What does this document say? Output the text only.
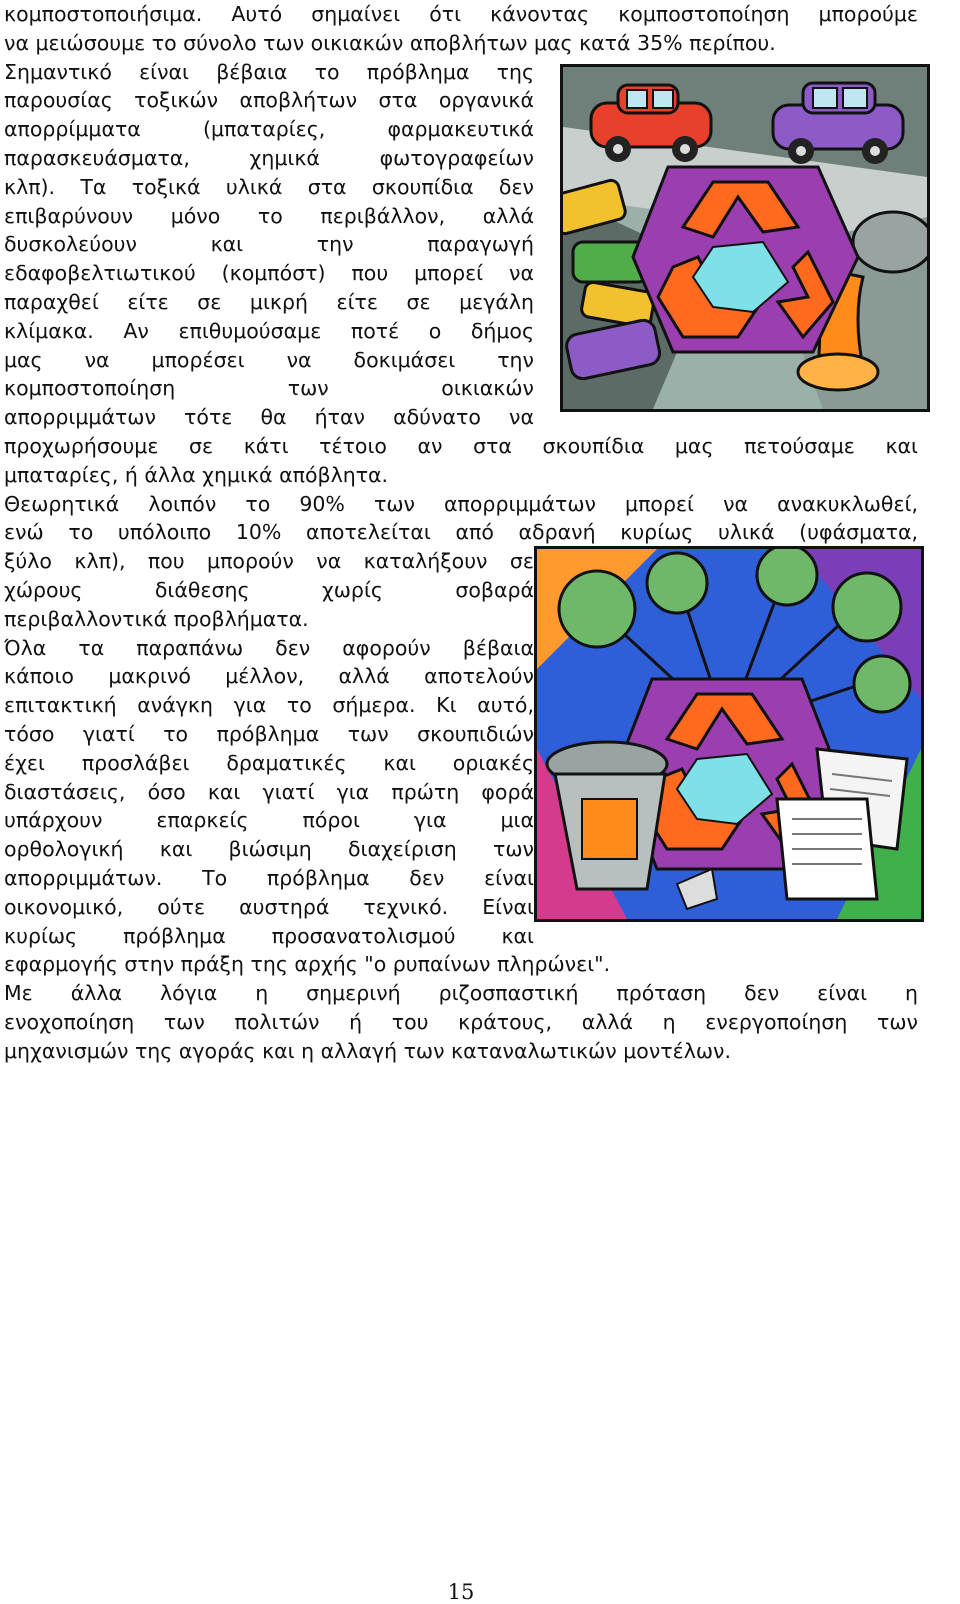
κομποστοποιήσιμα. Αυτό σημαίνει ότι κάνοντας κομποστοποίηση μπορούμε
να μειώσουμε το σύνολο των οικιακών αποβλήτων μας κατά 35% περίπου.
Σημαντικό είναι βέβαια το πρόβλημα της
παρουσίας τοξικών αποβλήτων στα οργανικά
απορρίμματα (μπαταρίες, φαρμακευτικά
παρασκευάσματα, χημικά φωτογραφείων
κλπ). Τα τοξικά υλικά στα σκουπίδια δεν
επιβαρύνουν μόνο το περιβάλλον, αλλά
δυσκολεύουν και την παραγωγή
εδαφοβελτιωτικού (κομπόστ) που μπορεί να
παραχθεί είτε σε μικρή είτε σε μεγάλη
κλίμακα. Αν επιθυμούσαμε ποτέ ο δήμος
μας να μπορέσει να δοκιμάσει την
κομποστοποίηση των οικιακών
απορριμμάτων τότε θα ήταν αδύνατο να
προχωρήσουμε σε κάτι τέτοιο αν στα σκουπίδια μας πετούσαμε και
μπαταρίες, ή άλλα χημικά απόβλητα.
Θεωρητικά λοιπόν το 90% των απορριμμάτων μπορεί να ανακυκλωθεί,
ενώ το υπόλοιπο 10% αποτελείται από αδρανή κυρίως υλικά (υφάσματα,
ξύλο κλπ), που μπορούν να καταλήξουν σε
χώρους διάθεσης χωρίς σοβαρά
περιβαλλοντικά προβλήματα.
Όλα τα παραπάνω δεν αφορούν βέβαια
κάποιο μακρινό μέλλον, αλλά αποτελούν
επιτακτική ανάγκη για το σήμερα. Κι αυτό,
τόσο γιατί το πρόβλημα των σκουπιδιών
έχει προσλάβει δραματικές και οριακές
διαστάσεις, όσο και γιατί για πρώτη φορά
υπάρχουν επαρκείς πόροι για μια
ορθολογική και βιώσιμη διαχείριση των
απορριμμάτων. Το πρόβλημα δεν είναι
οικονομικό, ούτε αυστηρά τεχνικό. Είναι
κυρίως πρόβλημα προσανατολισμού και
εφαρμογής στην πράξη της αρχής "ο ρυπαίνων πληρώνει".
Με άλλα λόγια η σημερινή ριζοσπαστική πρόταση δεν είναι η
ενοχοποίηση των πολιτών ή του κράτους, αλλά η ενεργοποίηση των
μηχανισμών της αγοράς και η αλλαγή των καταναλωτικών μοντέλων.
15
